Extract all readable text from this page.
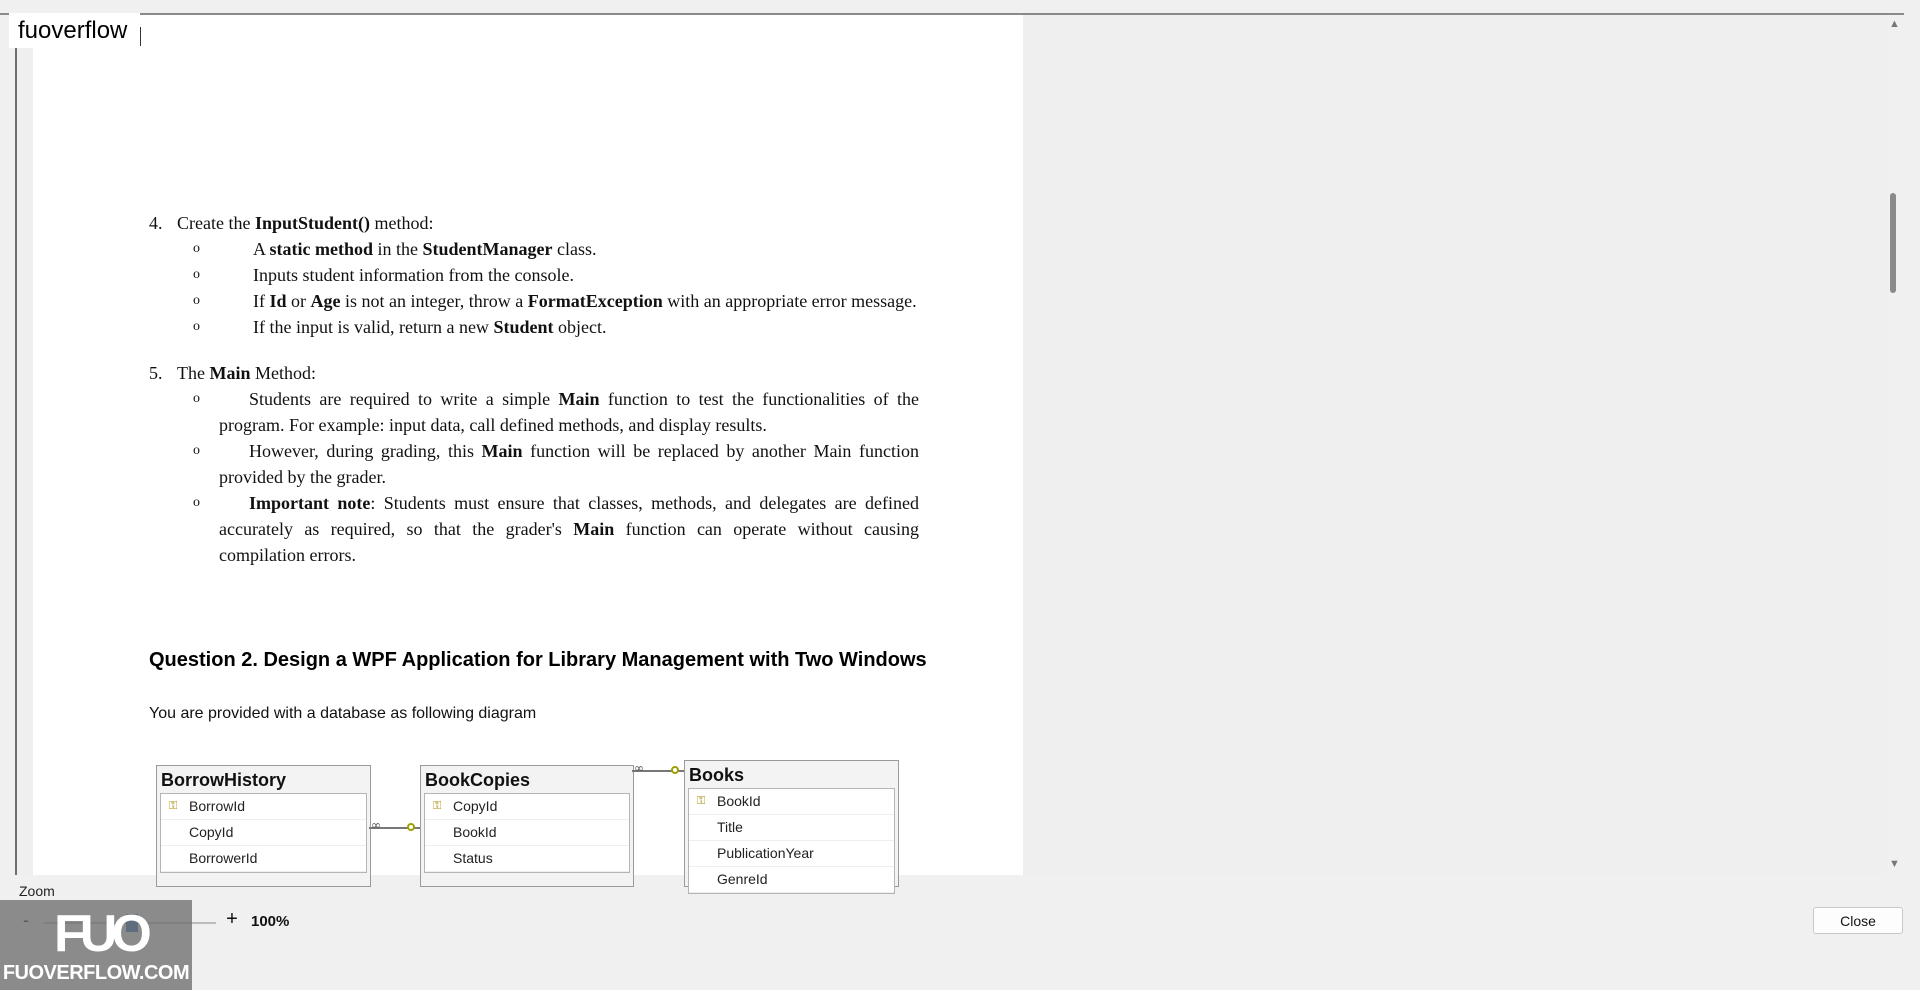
4. Create the InputStudent() method:
o	A static method in the StudentManager class.
o	Inputs student information from the console.
o	If Id or Age is not an integer, throw a FormatException with an appropriate error message.
o	If the input is valid, return a new Student object.
5. The Main Method:
o	Students are required to write a simple Main function to test the functionalities of the program. For example: input data, call defined methods, and display results.
o	However, during grading, this Main function will be replaced by another Main function provided by the grader.
o	Important note: Students must ensure that classes, methods, and delegates are defined accurately as required, so that the grader's Main function can operate without causing compilation errors.
Question 2. Design a WPF Application for Library Management with Two Windows
You are provided with a database as following diagram
BorrowHistory
⚿ BorrowId
CopyId
BorrowerId
BookCopies
⚿ CopyId
BookId
Status
Books
⚿ BookId
Title
PublicationYear
GenreId
∞
∞
fuoverflow	▲
▼
Zoom
+ 100%	Close
FUO
FUOVERFLOW.COM
